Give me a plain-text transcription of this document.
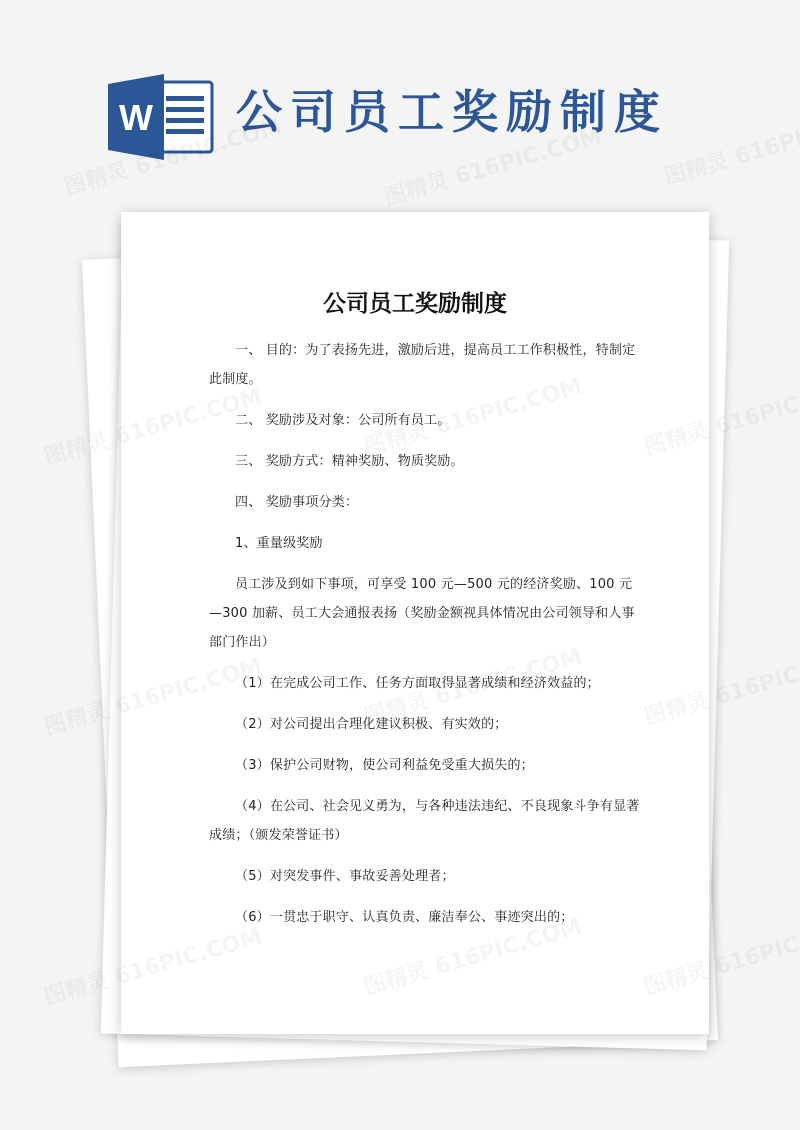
W 公司员工奖励制度
公司员工奖励制度

一、 目的：为了表扬先进，激励后进，提高员工工作积极性，特制定此制度。

二、 奖励涉及对象：公司所有员工。

三、 奖励方式：精神奖励、物质奖励。

四、 奖励事项分类：

1、重量级奖励

员工涉及到如下事项，可享受 100 元—500 元的经济奖励、100 元—300 加薪、员工大会通报表扬（奖励金额视具体情况由公司领导和人事部门作出）

（1）在完成公司工作、任务方面取得显著成绩和经济效益的；

（2）对公司提出合理化建议积极、有实效的；

（3）保护公司财物，使公司利益免受重大损失的；

（4）在公司、社会见义勇为，与各种违法违纪、不良现象斗争有显著成绩；（颁发荣誉证书）

（5）对突发事件、事故妥善处理者；

（6）一贯忠于职守、认真负责、廉洁奉公、事迹突出的；
